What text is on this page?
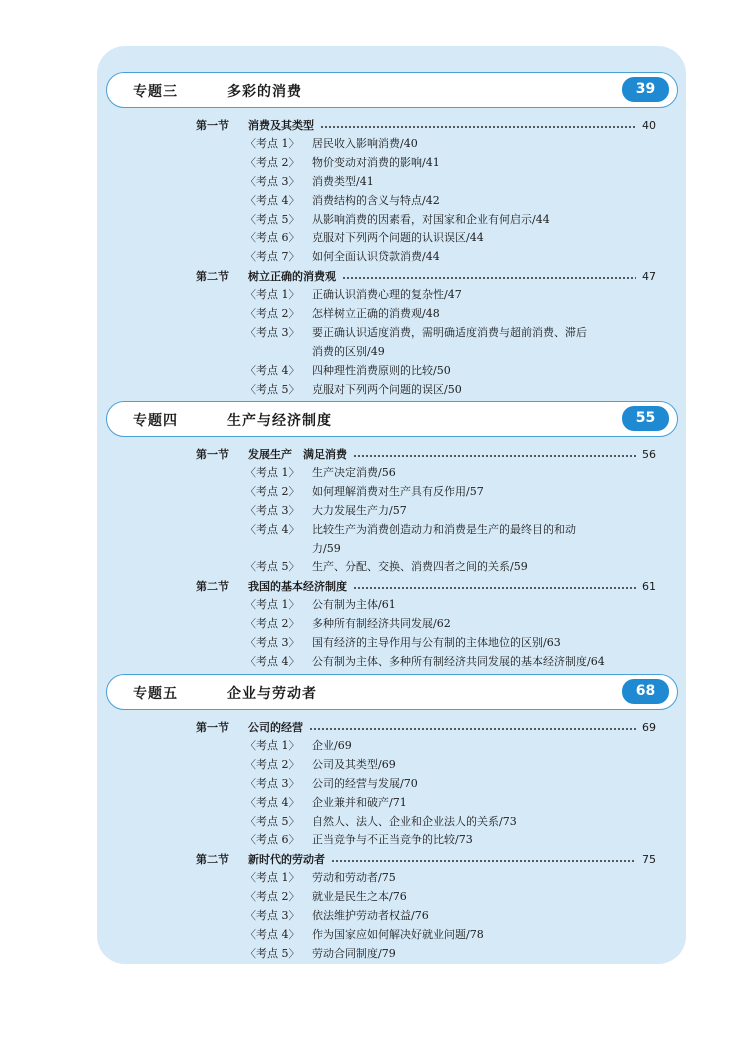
专题三	多彩的消费	39
第一节	消费及其类型	40
〈考点 1〉 居民收入影响消费/40
〈考点 2〉 物价变动对消费的影响/41
〈考点 3〉 消费类型/41
〈考点 4〉 消费结构的含义与特点/42
〈考点 5〉 从影响消费的因素看，对国家和企业有何启示/44
〈考点 6〉 克服对下列两个问题的认识误区/44
〈考点 7〉 如何全面认识贷款消费/44
第二节	树立正确的消费观	47
〈考点 1〉 正确认识消费心理的复杂性/47
〈考点 2〉 怎样树立正确的消费观/48
〈考点 3〉 要正确认识适度消费，需明确适度消费与超前消费、滞后
消费的区别/49
〈考点 4〉 四种理性消费原则的比较/50
〈考点 5〉 克服对下列两个问题的误区/50
专题四	生产与经济制度	55
第一节	发展生产　满足消费	56
〈考点 1〉 生产决定消费/56
〈考点 2〉 如何理解消费对生产具有反作用/57
〈考点 3〉 大力发展生产力/57
〈考点 4〉 比较生产为消费创造动力和消费是生产的最终目的和动
力/59
〈考点 5〉 生产、分配、交换、消费四者之间的关系/59
第二节	我国的基本经济制度	61
〈考点 1〉 公有制为主体/61
〈考点 2〉 多种所有制经济共同发展/62
〈考点 3〉 国有经济的主导作用与公有制的主体地位的区别/63
〈考点 4〉 公有制为主体、多种所有制经济共同发展的基本经济制度/64
专题五	企业与劳动者	68
第一节	公司的经营	69
〈考点 1〉 企业/69
〈考点 2〉 公司及其类型/69
〈考点 3〉 公司的经营与发展/70
〈考点 4〉 企业兼并和破产/71
〈考点 5〉 自然人、法人、企业和企业法人的关系/73
〈考点 6〉 正当竞争与不正当竞争的比较/73
第二节	新时代的劳动者	75
〈考点 1〉 劳动和劳动者/75
〈考点 2〉 就业是民生之本/76
〈考点 3〉 依法维护劳动者权益/76
〈考点 4〉 作为国家应如何解决好就业问题/78
〈考点 5〉 劳动合同制度/79
